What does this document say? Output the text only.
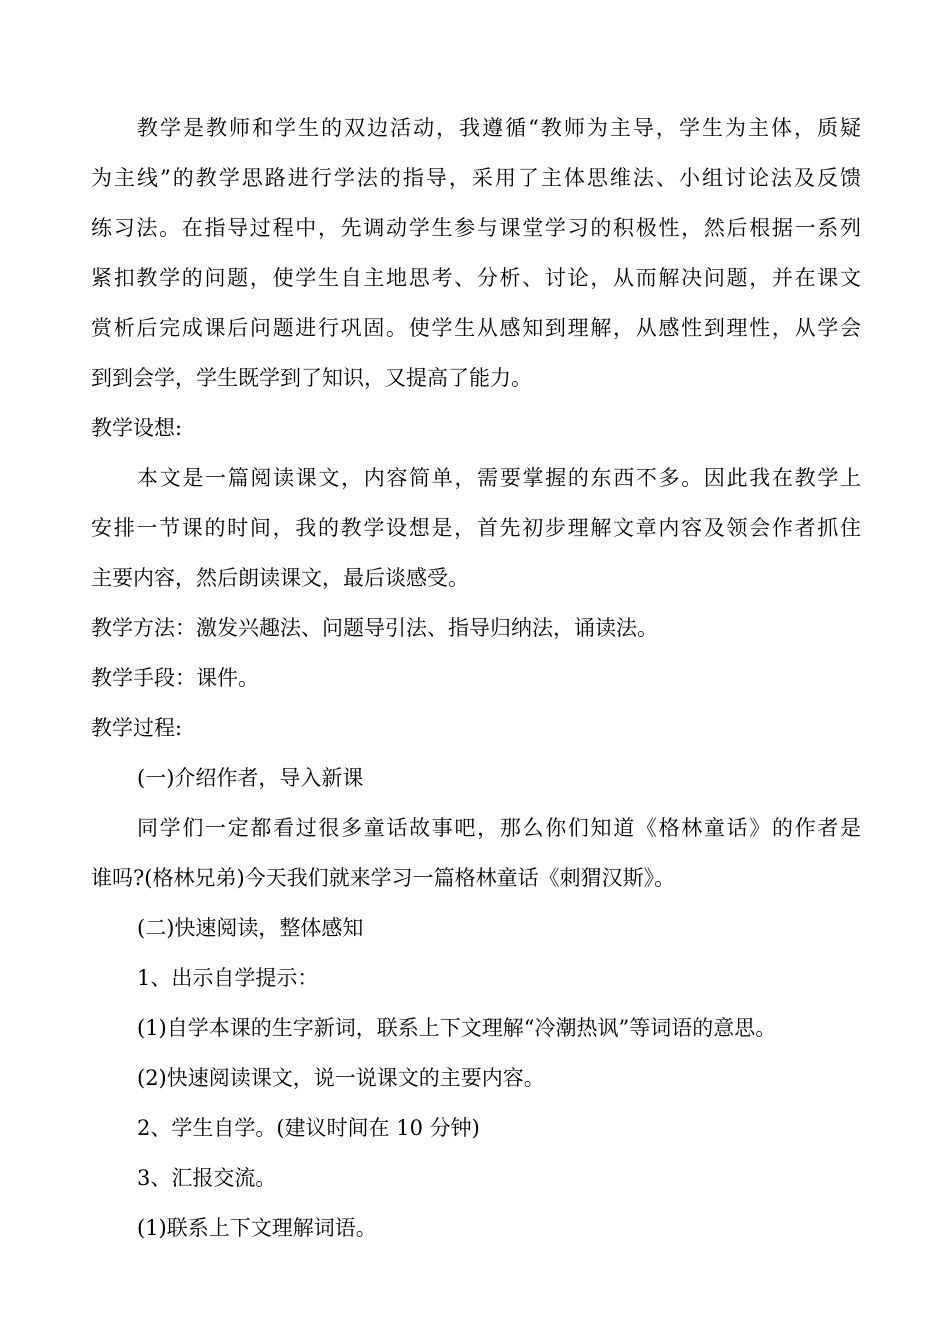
教学是教师和学生的双边活动，我遵循“教师为主导，学生为主体，质疑
为主线”的教学思路进行学法的指导，采用了主体思维法、小组讨论法及反馈
练习法。在指导过程中，先调动学生参与课堂学习的积极性，然后根据一系列
紧扣教学的问题，使学生自主地思考、分析、讨论，从而解决问题，并在课文
赏析后完成课后问题进行巩固。使学生从感知到理解，从感性到理性，从学会
到到会学，学生既学到了知识，又提高了能力。

教学设想:

本文是一篇阅读课文，内容简单，需要掌握的东西不多。因此我在教学上
安排一节课的时间，我的教学设想是，首先初步理解文章内容及领会作者抓住
主要内容，然后朗读课文，最后谈感受。

教学方法：激发兴趣法、问题导引法、指导归纳法，诵读法。

教学手段：课件。

教学过程:

(一)介绍作者，导入新课

同学们一定都看过很多童话故事吧，那么你们知道《格林童话》的作者是
谁吗?(格林兄弟)今天我们就来学习一篇格林童话《刺猬汉斯》。

(二)快速阅读，整体感知

1、出示自学提示：

(1)自学本课的生字新词，联系上下文理解“冷潮热讽”等词语的意思。

(2)快速阅读课文，说一说课文的主要内容。

2、学生自学。(建议时间在 10 分钟)

3、汇报交流。

(1)联系上下文理解词语。
